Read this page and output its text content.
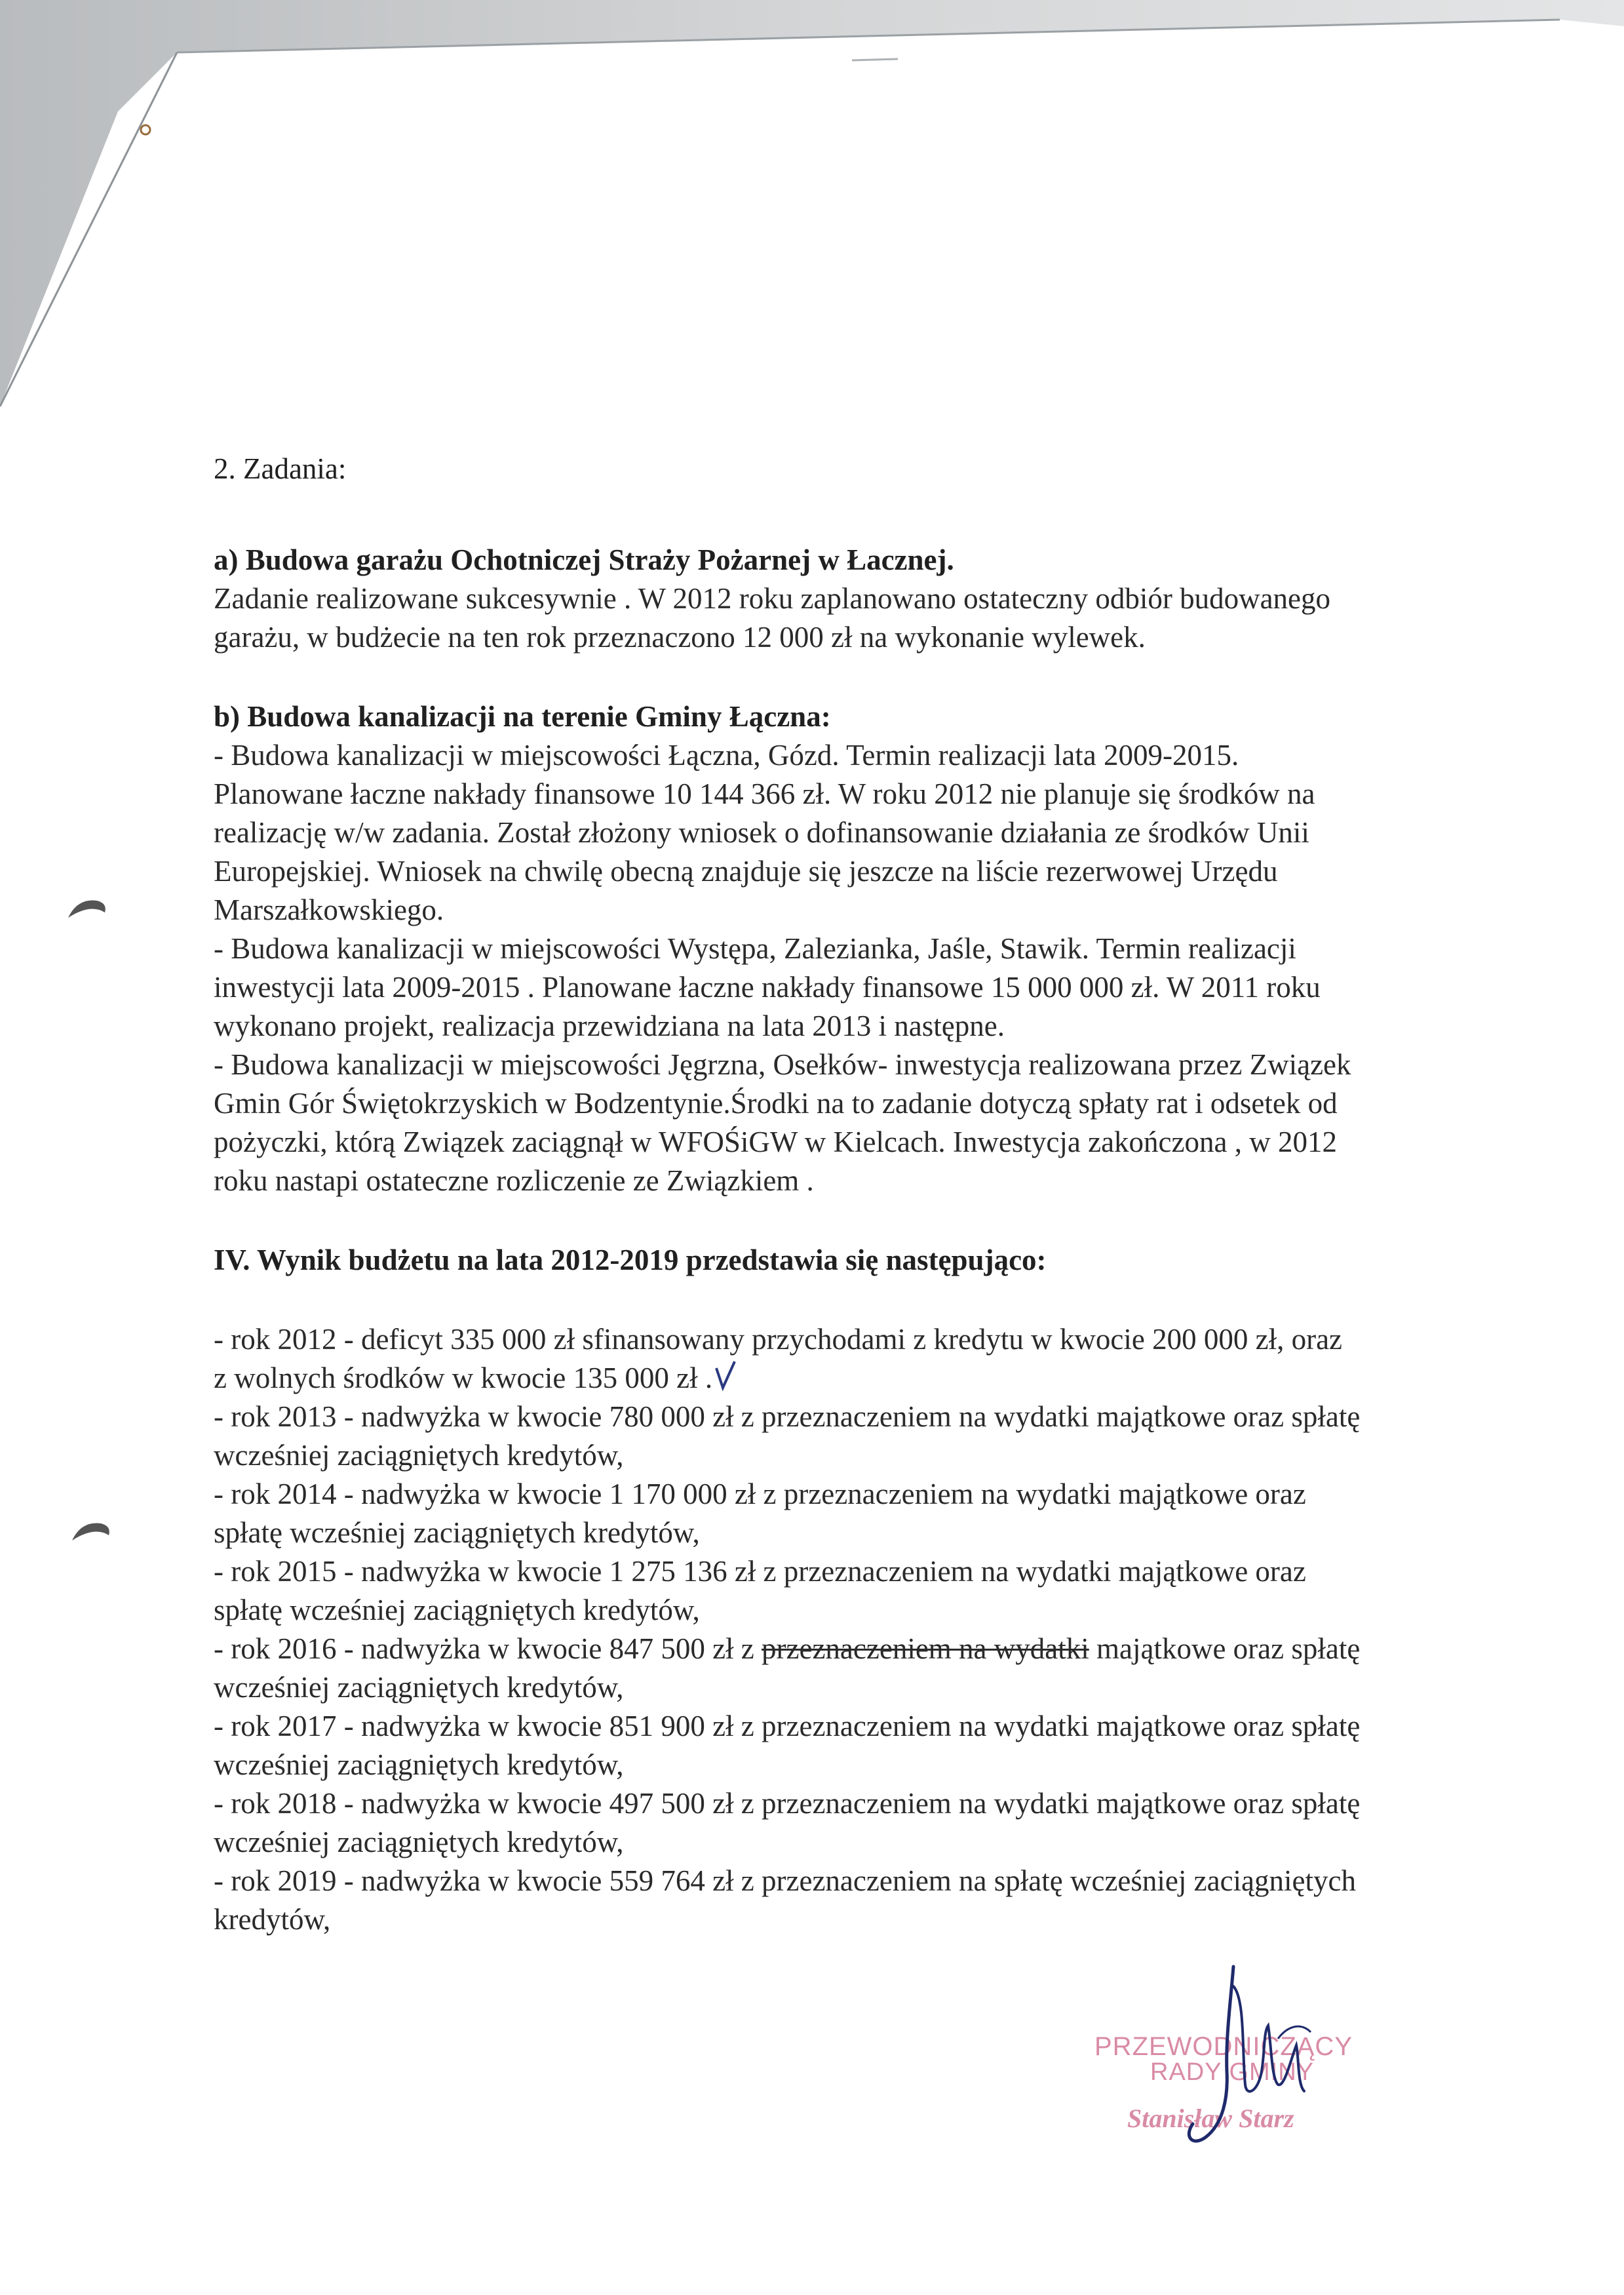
2. Zadania:

a) Budowa garażu Ochotniczej Straży Pożarnej w Łacznej.

Zadanie realizowane sukcesywnie . W 2012 roku zaplanowano ostateczny odbiór budowanego

garażu, w budżecie na ten rok przeznaczono 12 000 zł na wykonanie wylewek.

b) Budowa kanalizacji na terenie Gminy Łączna:

- Budowa kanalizacji w miejscowości Łączna, Gózd. Termin realizacji lata 2009-2015.

Planowane łaczne nakłady finansowe 10 144 366 zł. W roku 2012 nie planuje się środków na

realizację w/w zadania. Został złożony wniosek o dofinansowanie działania ze środków Unii

Europejskiej. Wniosek na chwilę obecną znajduje się jeszcze na liście rezerwowej Urzędu

Marszałkowskiego.

- Budowa kanalizacji w miejscowości Występa, Zalezianka, Jaśle, Stawik. Termin realizacji

inwestycji lata 2009-2015 . Planowane łaczne nakłady finansowe 15 000 000 zł. W 2011 roku

wykonano projekt, realizacja przewidziana na lata 2013 i następne.

- Budowa kanalizacji w miejscowości Jęgrzna, Osełków- inwestycja realizowana przez Związek

Gmin Gór Świętokrzyskich w Bodzentynie.Środki na to zadanie dotyczą spłaty rat i odsetek od

pożyczki, którą Związek zaciągnął w WFOŚiGW w Kielcach. Inwestycja zakończona , w 2012

roku nastapi ostateczne rozliczenie ze Związkiem .

IV. Wynik budżetu na lata 2012-2019 przedstawia się następująco:

- rok 2012 - deficyt 335 000 zł sfinansowany przychodami z kredytu w kwocie 200 000 zł, oraz

z wolnych środków w kwocie 135 000 zł .

- rok 2013 - nadwyżka w kwocie 780 000 zł z przeznaczeniem na wydatki majątkowe oraz spłatę

wcześniej zaciągniętych kredytów,

- rok 2014 - nadwyżka w kwocie 1 170 000 zł z przeznaczeniem na wydatki majątkowe oraz

spłatę wcześniej zaciągniętych kredytów,

- rok 2015 - nadwyżka w kwocie 1 275 136 zł z przeznaczeniem na wydatki majątkowe oraz

spłatę wcześniej zaciągniętych kredytów,

- rok 2016 - nadwyżka w kwocie 847 500 zł z przeznaczeniem na wydatki majątkowe oraz spłatę

wcześniej zaciągniętych kredytów,

- rok 2017 - nadwyżka w kwocie 851 900 zł z przeznaczeniem na wydatki majątkowe oraz spłatę

wcześniej zaciągniętych kredytów,

- rok 2018 - nadwyżka w kwocie 497 500 zł z przeznaczeniem na wydatki majątkowe oraz spłatę

wcześniej zaciągniętych kredytów,

- rok 2019 - nadwyżka w kwocie 559 764 zł z przeznaczeniem na spłatę wcześniej zaciągniętych

kredytów,

PRZEWODNICZĄCY
RADY GMINY
Stanisław Starz
